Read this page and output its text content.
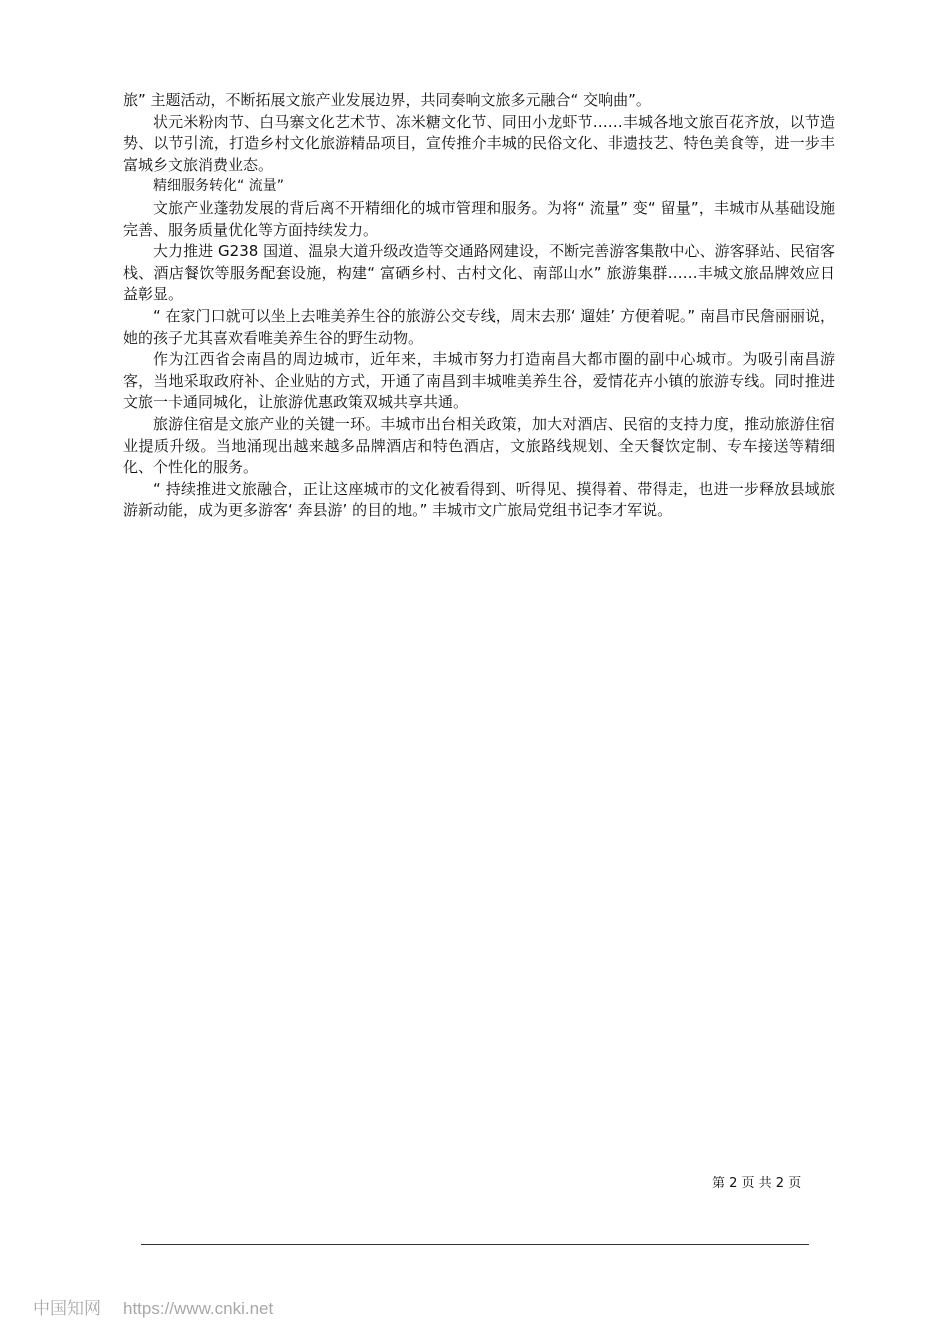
旅” 主题活动，不断拓展文旅产业发展边界，共同奏响文旅多元融合“ 交响曲”。

状元米粉肉节、白马寨文化艺术节、冻米糖文化节、同田小龙虾节……丰城各地文旅百花齐放，以节造势、以节引流，打造乡村文化旅游精品项目，宣传推介丰城的民俗文化、非遗技艺、特色美食等，进一步丰富城乡文旅消费业态。

精细服务转化“ 流量”

文旅产业蓬勃发展的背后离不开精细化的城市管理和服务。为将“ 流量” 变“ 留量”，丰城市从基础设施完善、服务质量优化等方面持续发力。

大力推进 G238 国道、温泉大道升级改造等交通路网建设，不断完善游客集散中心、游客驿站、民宿客栈、酒店餐饮等服务配套设施，构建“ 富硒乡村、古村文化、南部山水” 旅游集群……丰城文旅品牌效应日益彰显。

“ 在家门口就可以坐上去唯美养生谷的旅游公交专线，周末去那‘ 遛娃’ 方便着呢。” 南昌市民詹丽丽说，她的孩子尤其喜欢看唯美养生谷的野生动物。

作为江西省会南昌的周边城市，近年来，丰城市努力打造南昌大都市圈的副中心城市。为吸引南昌游客，当地采取政府补、企业贴的方式，开通了南昌到丰城唯美养生谷，爱情花卉小镇的旅游专线。同时推进文旅一卡通同城化，让旅游优惠政策双城共享共通。

旅游住宿是文旅产业的关键一环。丰城市出台相关政策，加大对酒店、民宿的支持力度，推动旅游住宿业提质升级。当地涌现出越来越多品牌酒店和特色酒店，文旅路线规划、全天餐饮定制、专车接送等精细化、个性化的服务。

“ 持续推进文旅融合，正让这座城市的文化被看得到、听得见、摸得着、带得走，也进一步释放县域旅游新动能，成为更多游客‘ 奔县游’ 的目的地。” 丰城市文广旅局党组书记李才军说。

第 2 页 共 2 页
中国知网 https://www.cnki.net
